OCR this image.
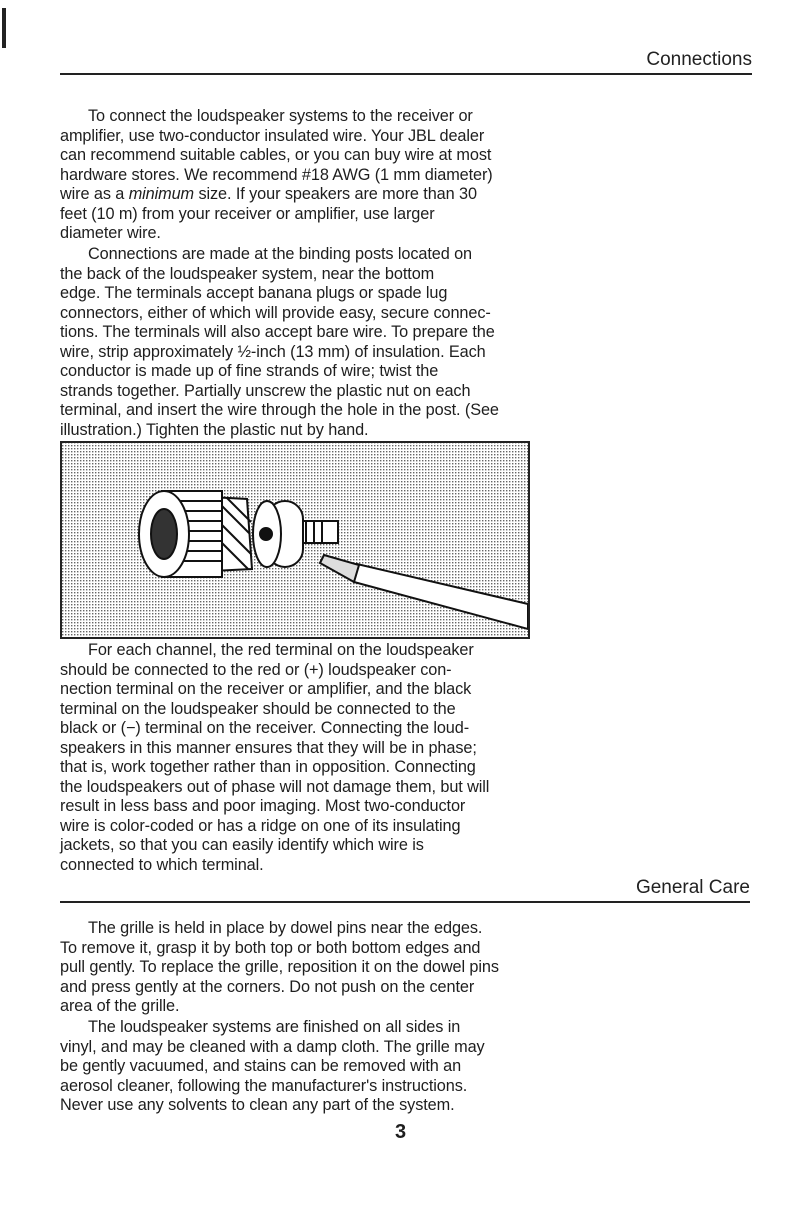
Connections
To connect the loudspeaker systems to the receiver or
amplifier, use two-conductor insulated wire. Your JBL dealer
can recommend suitable cables, or you can buy wire at most
hardware stores. We recommend #18 AWG (1 mm diameter)
wire as a minimum size. If your speakers are more than 30
feet (10 m) from your receiver or amplifier, use larger
diameter wire.
Connections are made at the binding posts located on
the back of the loudspeaker system, near the bottom
edge. The terminals accept banana plugs or spade lug
connectors, either of which will provide easy, secure connec-
tions. The terminals will also accept bare wire. To prepare the
wire, strip approximately ½-inch (13 mm) of insulation. Each
conductor is made up of fine strands of wire; twist the
strands together. Partially unscrew the plastic nut on each
terminal, and insert the wire through the hole in the post. (See
illustration.) Tighten the plastic nut by hand.
For each channel, the red terminal on the loudspeaker
should be connected to the red or (+) loudspeaker con-
nection terminal on the receiver or amplifier, and the black
terminal on the loudspeaker should be connected to the
black or (−) terminal on the receiver. Connecting the loud-
speakers in this manner ensures that they will be in phase;
that is, work together rather than in opposition. Connecting
the loudspeakers out of phase will not damage them, but will
result in less bass and poor imaging. Most two-conductor
wire is color-coded or has a ridge on one of its insulating
jackets, so that you can easily identify which wire is
connected to which terminal.
General Care
The grille is held in place by dowel pins near the edges.
To remove it, grasp it by both top or both bottom edges and
pull gently. To replace the grille, reposition it on the dowel pins
and press gently at the corners. Do not push on the center
area of the grille.
The loudspeaker systems are finished on all sides in
vinyl, and may be cleaned with a damp cloth. The grille may
be gently vacuumed, and stains can be removed with an
aerosol cleaner, following the manufacturer's instructions.
Never use any solvents to clean any part of the system.
3
